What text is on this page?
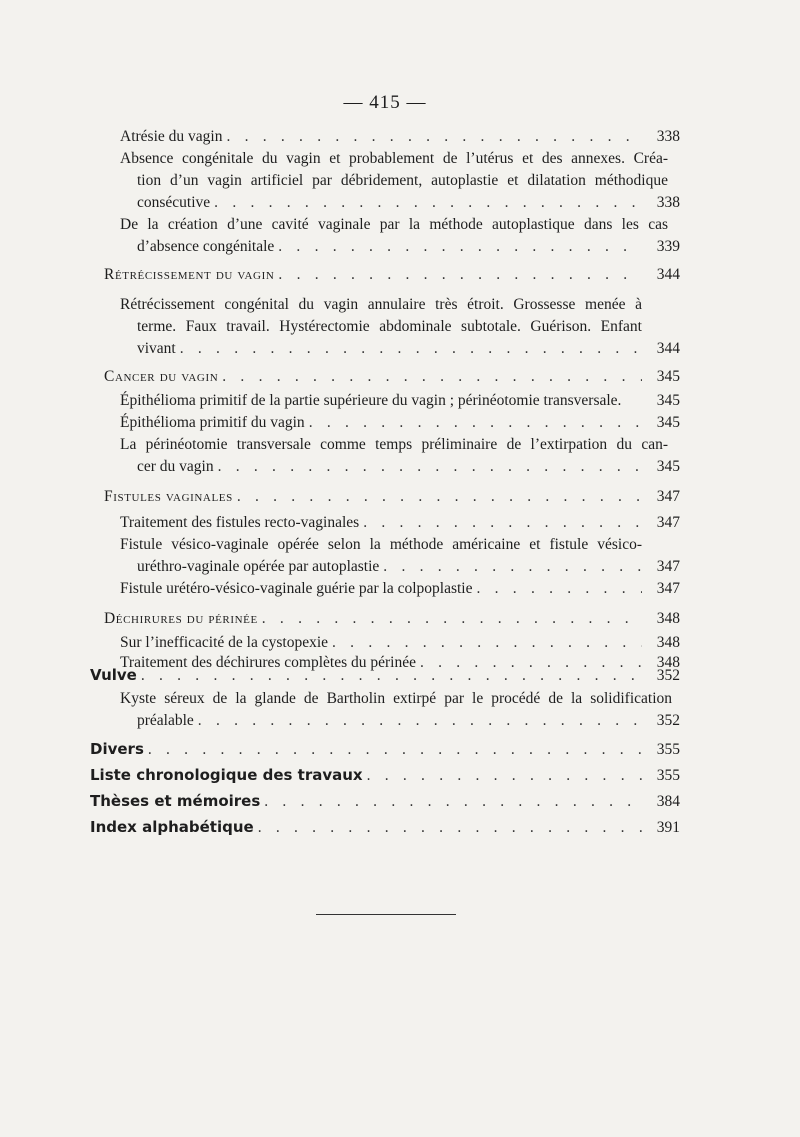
— 415 —
Atrésie du vagin . . .	338
Absence congénitale du vagin et probablement de l’utérus et des annexes. Créa-
tion d’un vagin artificiel par débridement, autoplastie et dilatation méthodique
consécutive . . .	338
De la création d’une cavité vaginale par la méthode autoplastique dans les cas
d’absence congénitale . . .	339
Rétrécissement du vagin . . .	344
Rétrécissement congénital du vagin annulaire très étroit. Grossesse menée à
terme. Faux travail. Hystérectomie abdominale subtotale. Guérison. Enfant
vivant . . .	344
Cancer du vagin . . .	345
Épithélioma primitif de la partie supérieure du vagin ; périnéotomie transversale.	345
Épithélioma primitif du vagin . . .	345
La périnéotomie transversale comme temps préliminaire de l’extirpation du can-
cer du vagin . . .	345
Fistules vaginales . . .	347
Traitement des fistules recto-vaginales . . .	347
Fistule vésico-vaginale opérée selon la méthode américaine et fistule vésico-
uréthro-vaginale opérée par autoplastie . . .	347
Fistule urétéro-vésico-vaginale guérie par la colpoplastie . . .	347
Déchirures du périnée . . .	348
Sur l’inefficacité de la cystopexie . . .	348
Traitement des déchirures complètes du périnée . . .	348
Vulve . . .	352
Kyste séreux de la glande de Bartholin extirpé par le procédé de la solidification
préalable . . .	352
Divers . . .	355
Liste chronologique des travaux . . .	355
Thèses et mémoires . . .	384
Index alphabétique . . .	391
